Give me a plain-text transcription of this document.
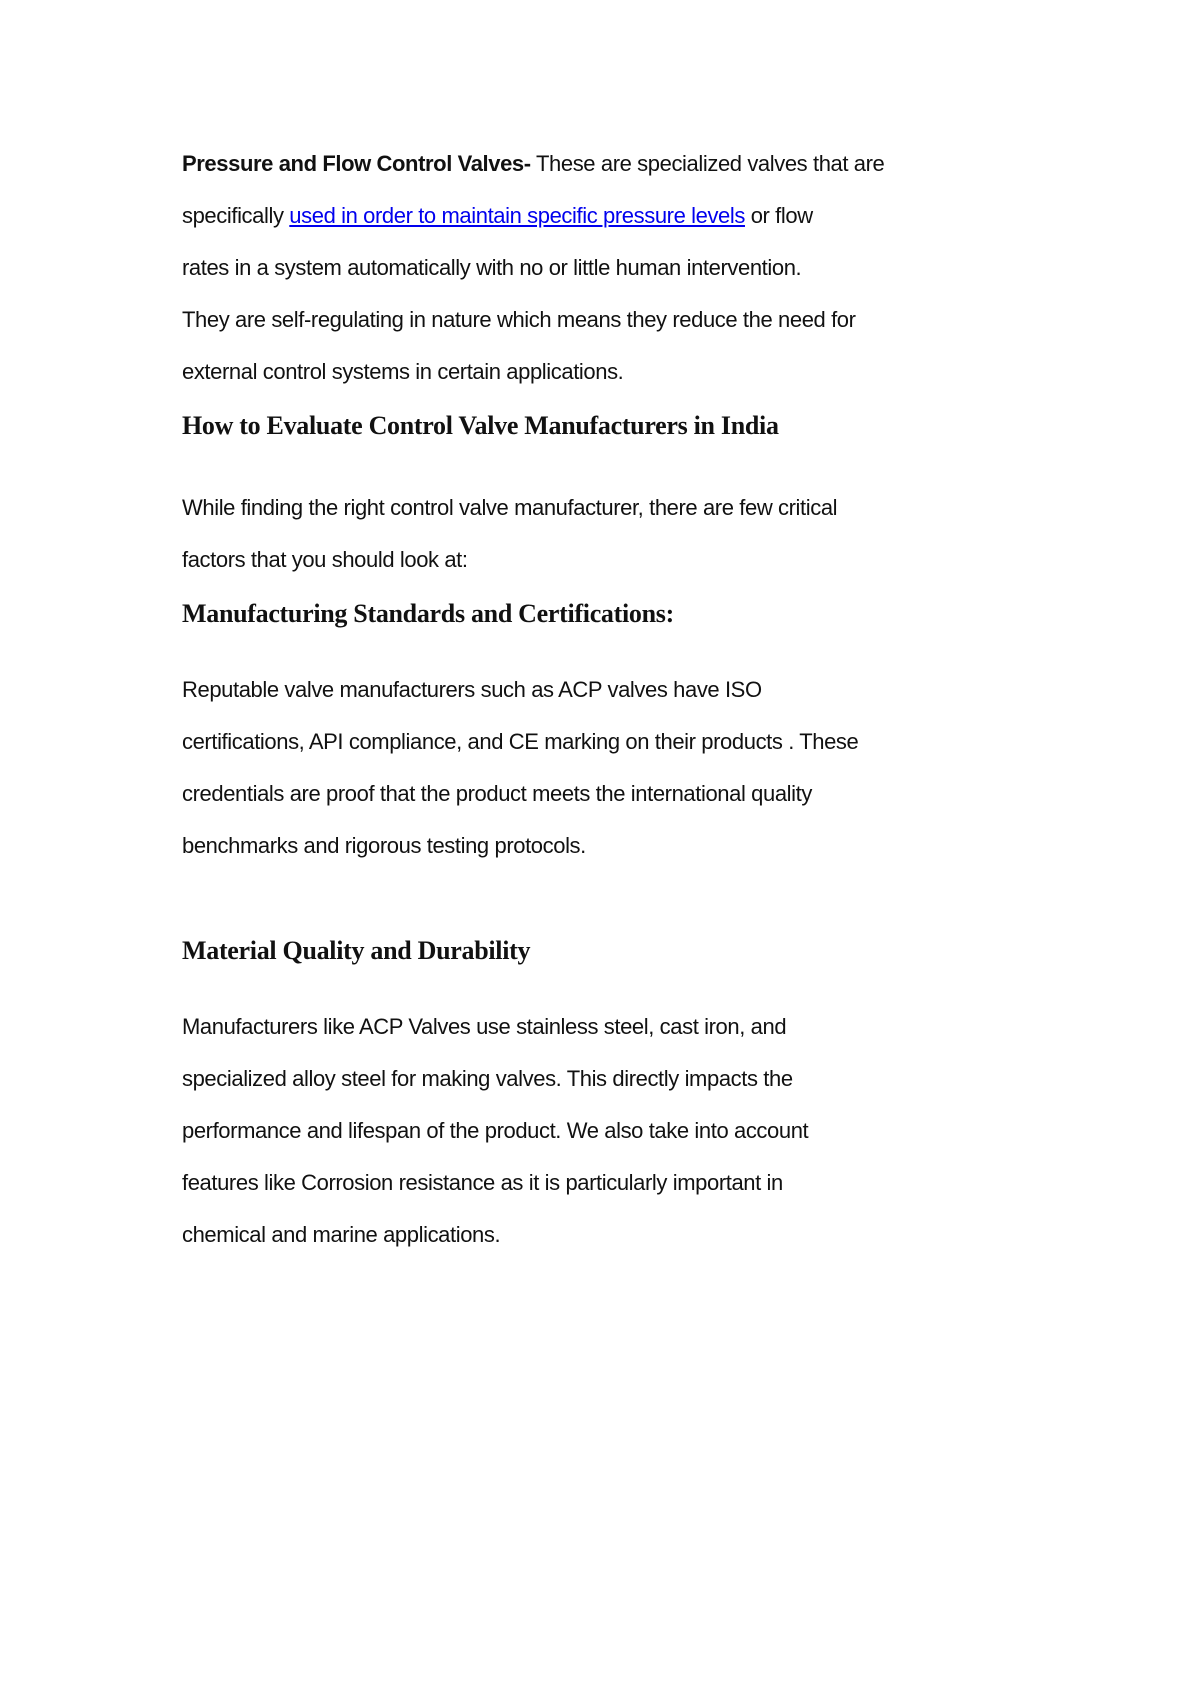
Pressure and Flow Control Valves- These are specialized valves that are
specifically used in order to maintain specific pressure levels or flow
rates in a system automatically with no or little human intervention.
They are self-regulating in nature which means they reduce the need for
external control systems in certain applications.
How to Evaluate Control Valve Manufacturers in India
While finding the right control valve manufacturer, there are few critical
factors that you should look at:
Manufacturing Standards and Certifications:
Reputable valve manufacturers such as ACP valves have ISO
certifications, API compliance, and CE marking on their products . These
credentials are proof that the product meets the international quality
benchmarks and rigorous testing protocols.
Material Quality and Durability
Manufacturers like ACP Valves use stainless steel, cast iron, and
specialized alloy steel for making valves. This directly impacts the
performance and lifespan of the product. We also take into account
features like Corrosion resistance as it is particularly important in
chemical and marine applications.
